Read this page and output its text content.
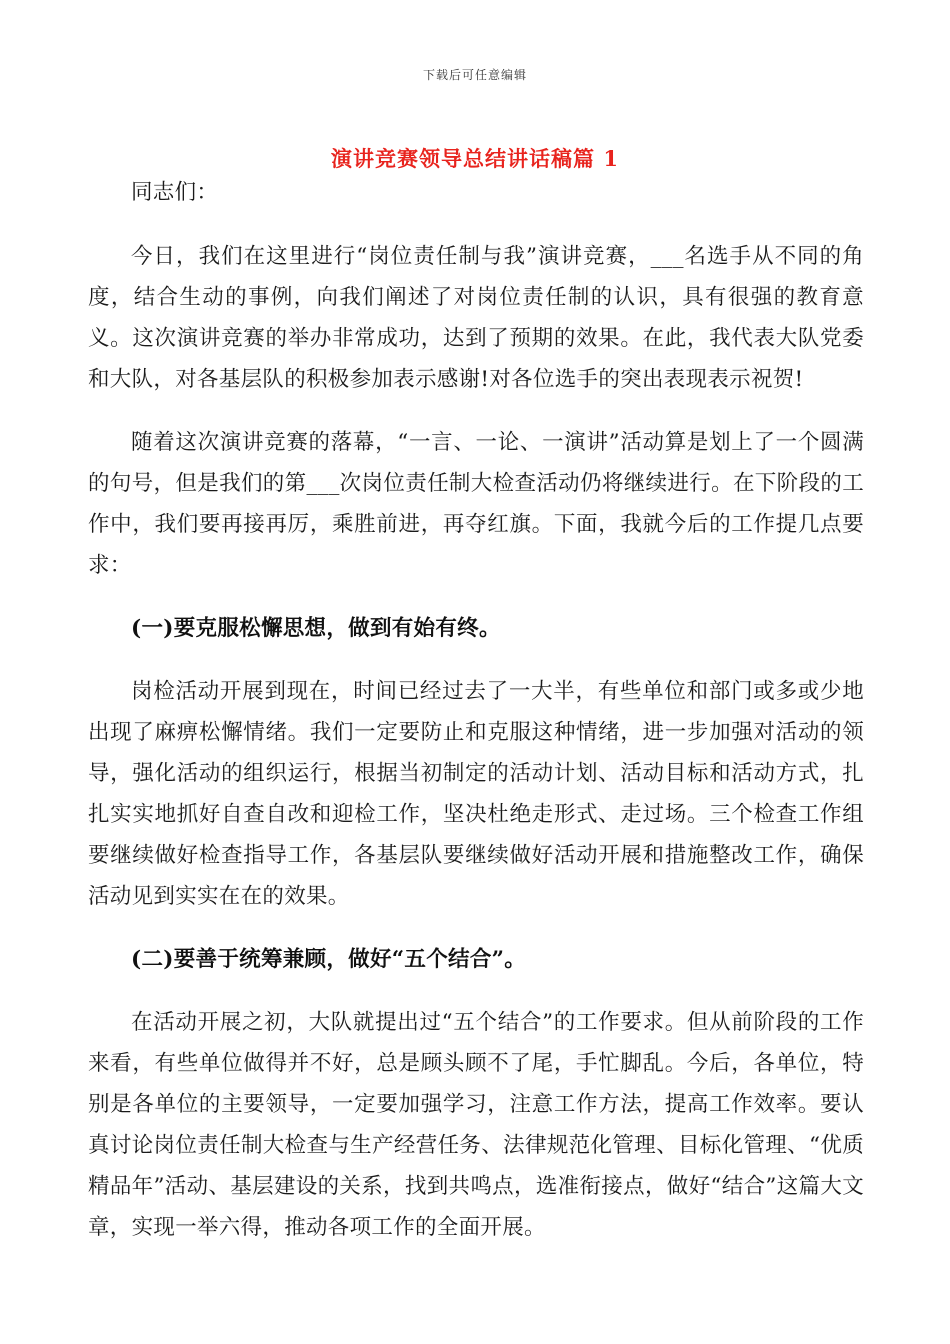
下载后可任意编辑
演讲竞赛领导总结讲话稿篇 1

同志们：

今日，我们在这里进行“岗位责任制与我”演讲竞赛，___名选手从不同的角度，结合生动的事例，向我们阐述了对岗位责任制的认识，具有很强的教育意义。这次演讲竞赛的举办非常成功，达到了预期的效果。在此，我代表大队党委和大队，对各基层队的积极参加表示感谢!对各位选手的突出表现表示祝贺!

随着这次演讲竞赛的落幕，“一言、一论、一演讲”活动算是划上了一个圆满的句号，但是我们的第___次岗位责任制大检查活动仍将继续进行。在下阶段的工作中，我们要再接再厉，乘胜前进，再夺红旗。下面，我就今后的工作提几点要求：

(一)要克服松懈思想，做到有始有终。

岗检活动开展到现在，时间已经过去了一大半，有些单位和部门或多或少地出现了麻痹松懈情绪。我们一定要防止和克服这种情绪，进一步加强对活动的领导，强化活动的组织运行，根据当初制定的活动计划、活动目标和活动方式，扎扎实实地抓好自查自改和迎检工作，坚决杜绝走形式、走过场。三个检查工作组要继续做好检查指导工作，各基层队要继续做好活动开展和措施整改工作，确保活动见到实实在在的效果。

(二)要善于统筹兼顾，做好“五个结合”。

在活动开展之初，大队就提出过“五个结合”的工作要求。但从前阶段的工作来看，有些单位做得并不好，总是顾头顾不了尾，手忙脚乱。今后，各单位，特别是各单位的主要领导，一定要加强学习，注意工作方法，提高工作效率。要认真讨论岗位责任制大检查与生产经营任务、法律规范化管理、目标化管理、“优质精品年”活动、基层建设的关系，找到共鸣点，选准衔接点，做好“结合”这篇大文章，实现一举六得，推动各项工作的全面开展。
